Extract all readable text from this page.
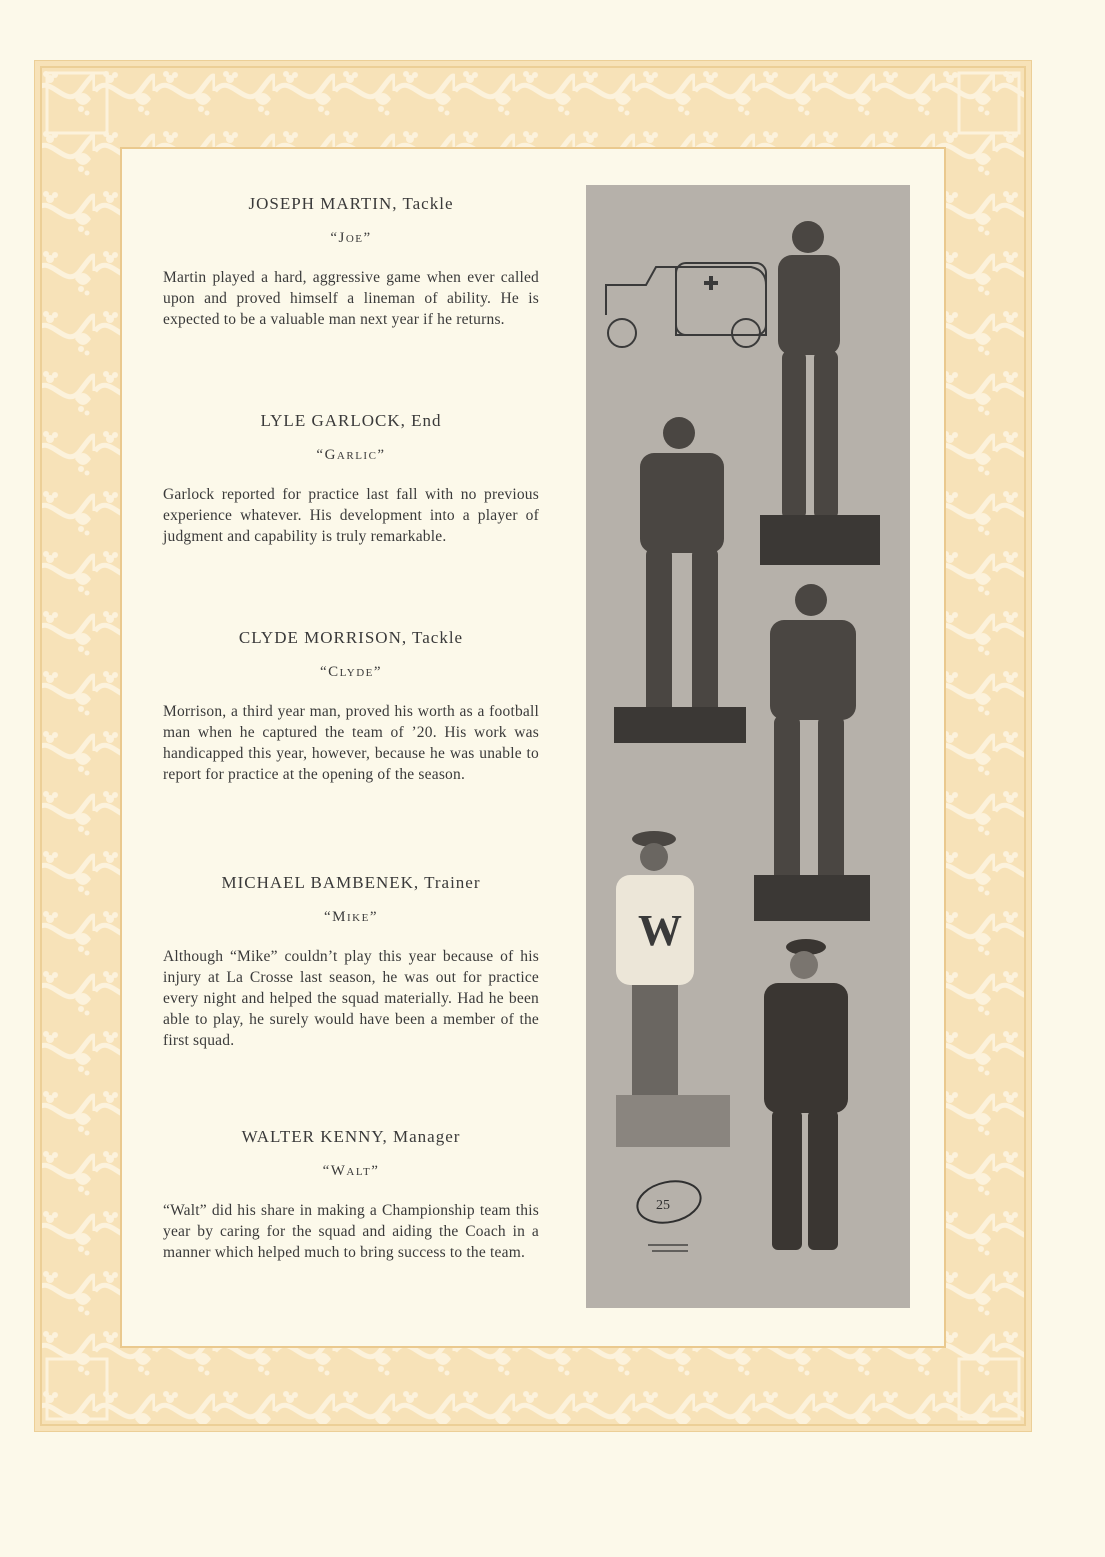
JOSEPH MARTIN, Tackle

“Joe”

Martin played a hard, aggressive game when ever called upon and proved himself a lineman of ability. He is expected to be a valuable man next year if he returns.

LYLE GARLOCK, End

“Garlic”

Garlock reported for practice last fall with no previous experience whatever. His development into a player of judgment and capability is truly remarkable.

CLYDE MORRISON, Tackle

“Clyde”

Morrison, a third year man, proved his worth as a football man when he captured the team of ’20. His work was handicapped this year, however, because he was unable to report for practice at the opening of the season.

MICHAEL BAMBENEK, Trainer

“Mike”

Although “Mike” couldn’t play this year because of his injury at La Crosse last season, he was out for practice every night and helped the squad materially. Had he been able to play, he surely would have been a member of the first squad.

WALTER KENNY, Manager

“Walt”

“Walt” did his share in making a Championship team this year by caring for the squad and aiding the Coach in a manner which helped much to bring success to the team.

W
25
